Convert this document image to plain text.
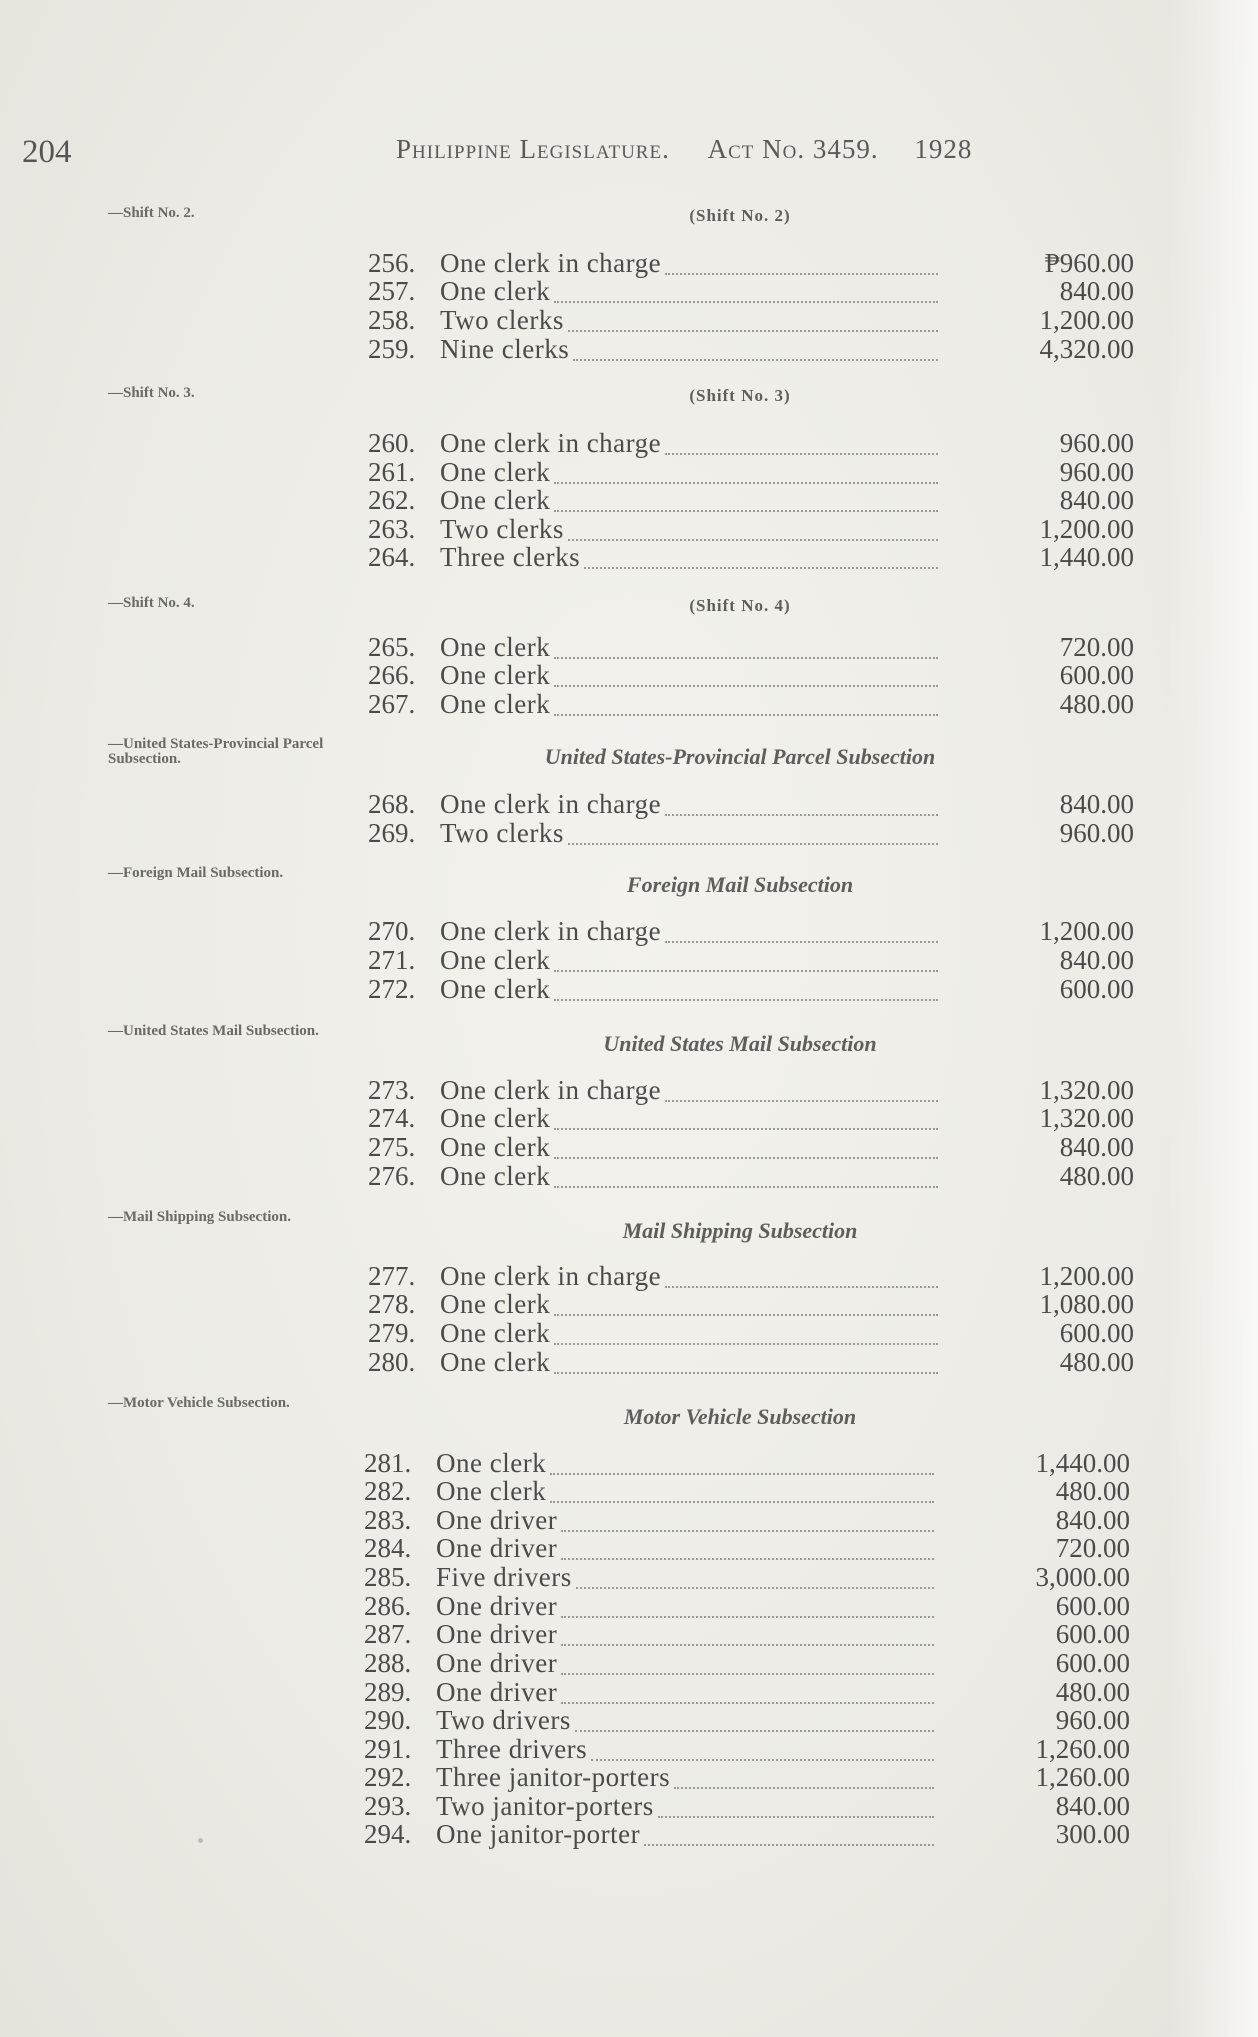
204	Philippine Legislature. Act No. 3459. 1928
—Shift No. 2.	(Shift No. 2)
256. One clerk in charge	₱960.00
257. One clerk	840.00
258. Two clerks	1,200.00
259. Nine clerks	4,320.00
—Shift No. 3.	(Shift No. 3)
260. One clerk in charge	960.00
261. One clerk	960.00
262. One clerk	840.00
263. Two clerks	1,200.00
264. Three clerks	1,440.00
—Shift No. 4.	(Shift No. 4)
265. One clerk	720.00
266. One clerk	600.00
267. One clerk	480.00
—United States-Provincial Parcel Subsection.	United States-Provincial Parcel Subsection
268. One clerk in charge	840.00
269. Two clerks	960.00
—Foreign Mail Subsection.	Foreign Mail Subsection
270. One clerk in charge	1,200.00
271. One clerk	840.00
272. One clerk	600.00
—United States Mail Subsection.	United States Mail Subsection
273. One clerk in charge	1,320.00
274. One clerk	1,320.00
275. One clerk	840.00
276. One clerk	480.00
—Mail Shipping Subsection.
Mail Shipping Subsection
277. One clerk in charge	1,200.00
278. One clerk	1,080.00
279. One clerk	600.00
280. One clerk	480.00
—Motor Vehicle Subsection.
Motor Vehicle Subsection
281. One clerk	1,440.00
282. One clerk	480.00
283. One driver	840.00
284. One driver	720.00
285. Five drivers	3,000.00
286. One driver	600.00
287. One driver	600.00
288. One driver	600.00
289. One driver	480.00
290. Two drivers	960.00
291. Three drivers	1,260.00
292. Three janitor-porters	1,260.00
293. Two janitor-porters	840.00
294. One janitor-porter	300.00
